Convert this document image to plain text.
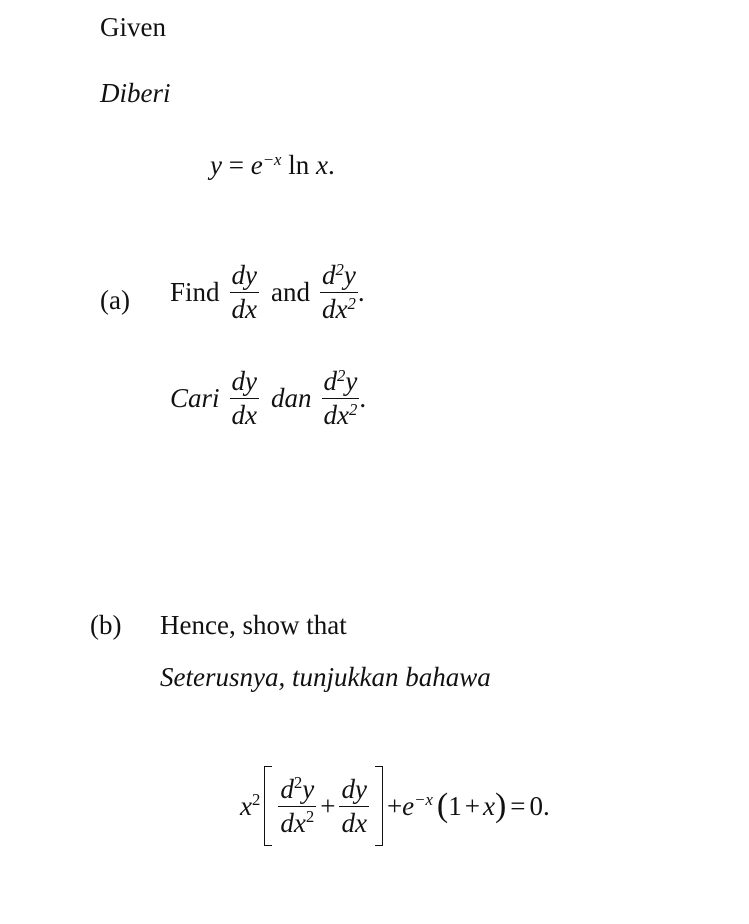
Given
Diberi
$y = e^{-x}$ ln x.
(a) Find $\frac{dy}{dx}$ and $\frac{d^2y}{dx^2}$ .
Cari $\frac{dy}{dx}$ dan $\frac{d^2y}{dx^2}$ .
(b) Hence, show that
Seterusnya, tunjukkan bahawa
$x^2 \frac{d^2y}{dx^2} + \frac{dy}{dx} + e^{-x}$ ( 1 + x ) = 0 .
